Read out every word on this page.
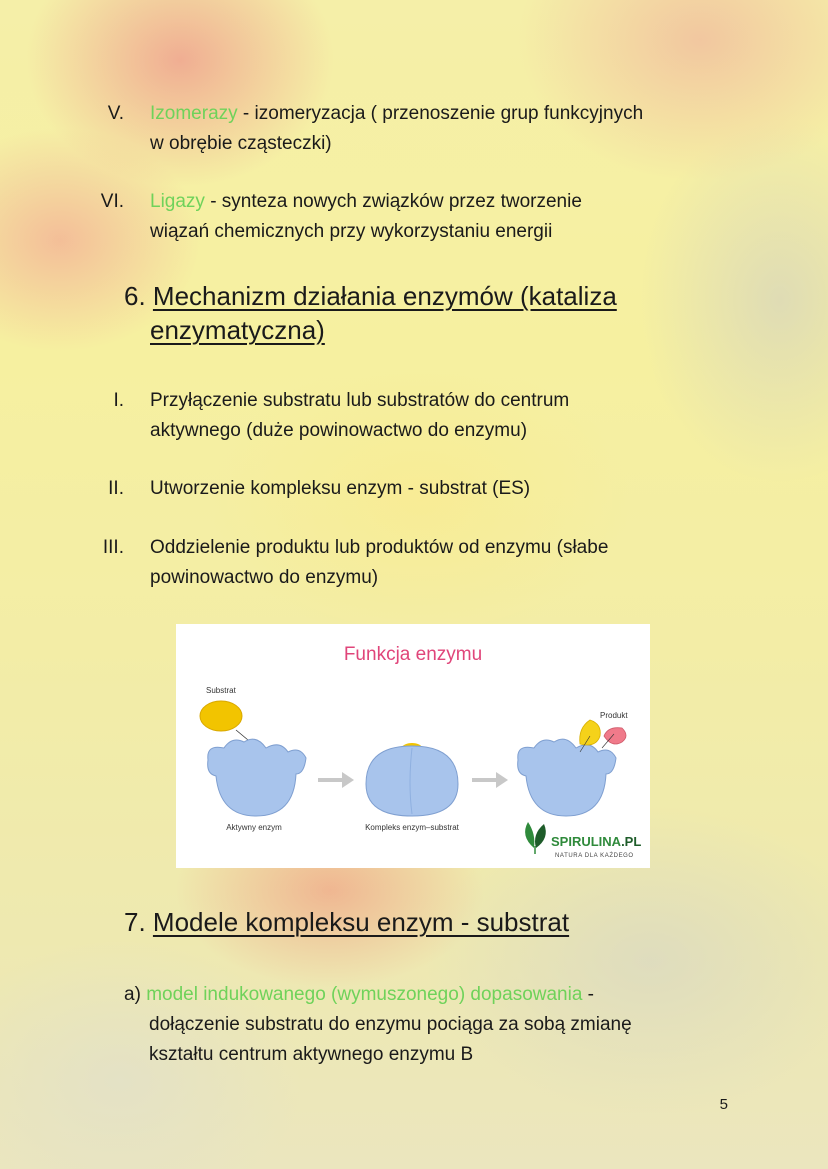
V. Izomerazy - izomeryzacja ( przenoszenie grup funkcyjnych
w obrębie cząsteczki)
VI. Ligazy - synteza nowych związków przez tworzenie
wiązań chemicznych przy wykorzystaniu energii
6. Mechanizm działania enzymów (kataliza
enzymatyczna)
I. Przyłączenie substratu lub substratów do centrum
aktywnego (duże powinowactwo do enzymu)
II. Utworzenie kompleksu enzym - substrat (ES)
III. Oddzielenie produktu lub produktów od enzymu (słabe
powinowactwo do enzymu)
Funkcja enzymu
Substrat
Aktywny enzym	Kompleks enzym–substrat
Produkt
SPIRULINA.PL
NATURA DLA KAŻDEGO
7. Modele kompleksu enzym - substrat
a) model indukowanego (wymuszonego) dopasowania -
dołączenie substratu do enzymu pociąga za sobą zmianę
kształtu centrum aktywnego enzymu B
5
